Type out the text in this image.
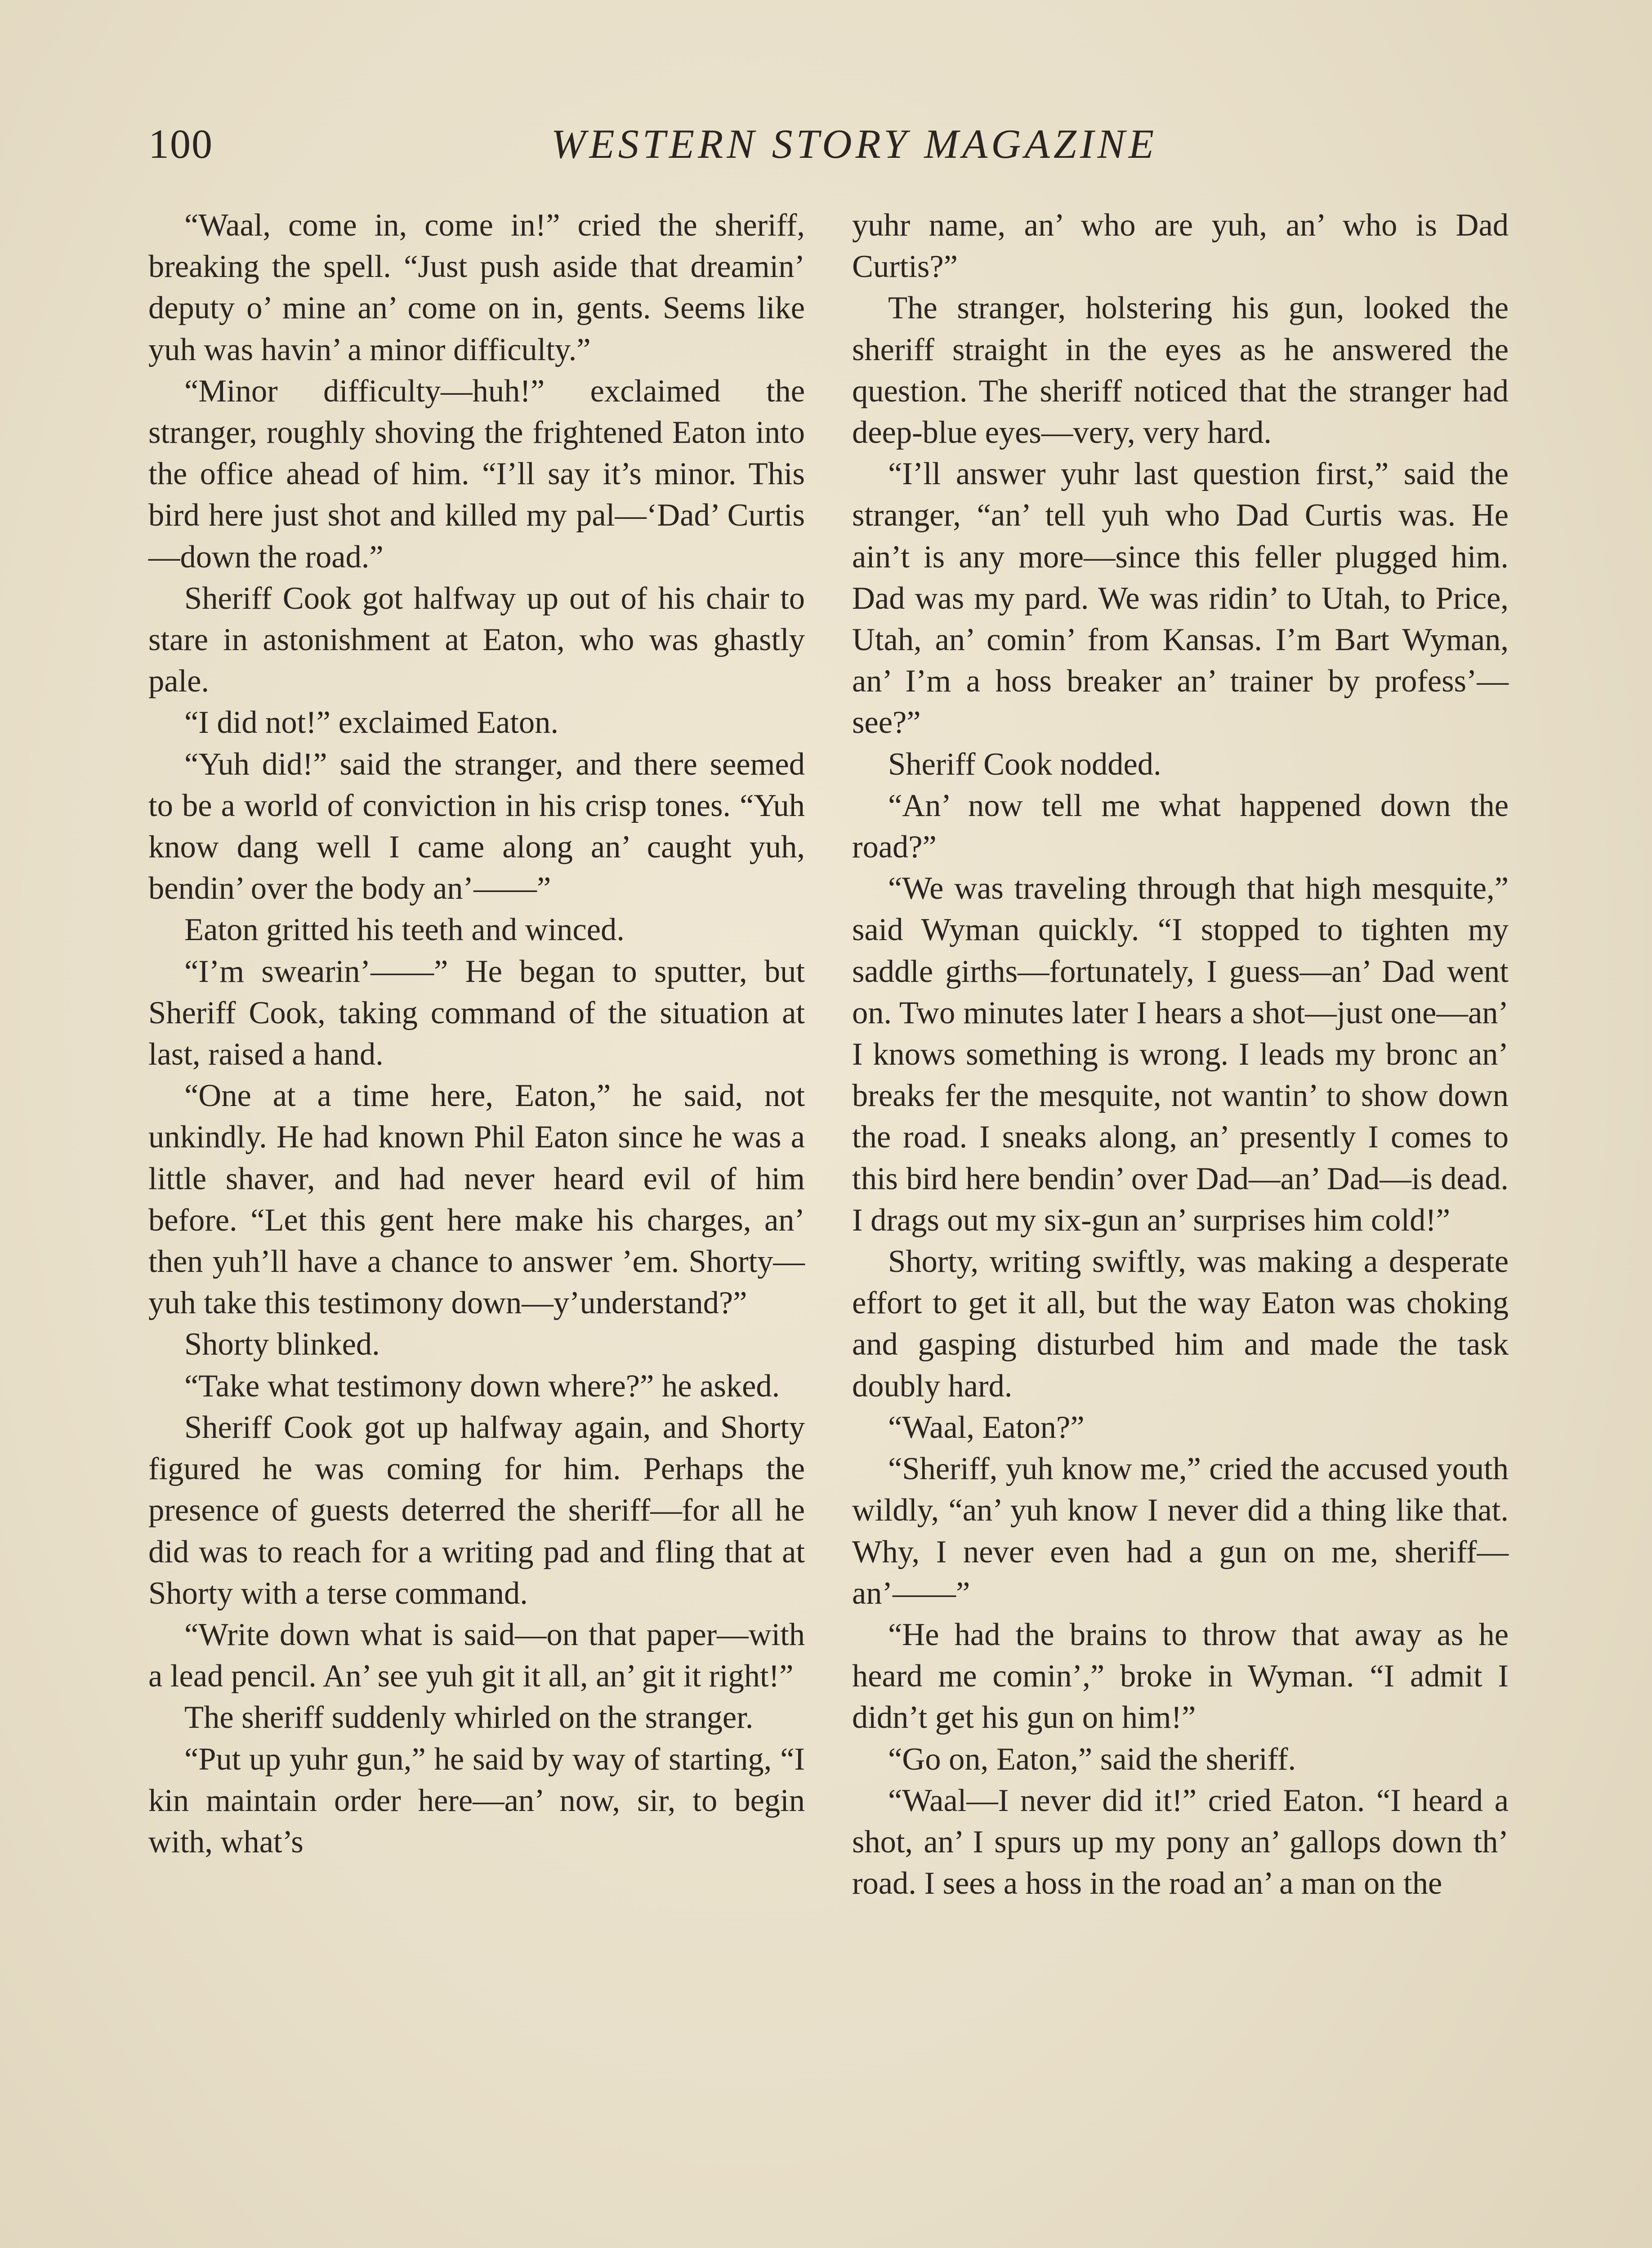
100	WESTERN STORY MAGAZINE

“Waal, come in, come in!” cried the sheriff, breaking the spell. “Just push aside that dreamin’ deputy o’ mine an’ come on in, gents. Seems like yuh was havin’ a minor difficulty.”

“Minor difficulty—huh!” exclaimed the stranger, roughly shoving the frightened Eaton into the office ahead of him. “I’ll say it’s minor. This bird here just shot and killed my pal—‘Dad’ Curtis—down the road.”

Sheriff Cook got halfway up out of his chair to stare in astonishment at Eaton, who was ghastly pale.

“I did not!” exclaimed Eaton.

“Yuh did!” said the stranger, and there seemed to be a world of conviction in his crisp tones. “Yuh know dang well I came along an’ caught yuh, bendin’ over the body an’——”

Eaton gritted his teeth and winced.

“I’m swearin’——” He began to sputter, but Sheriff Cook, taking command of the situation at last, raised a hand.

“One at a time here, Eaton,” he said, not unkindly. He had known Phil Eaton since he was a little shaver, and had never heard evil of him before. “Let this gent here make his charges, an’ then yuh’ll have a chance to answer ’em. Shorty—yuh take this testimony down—y’understand?”

Shorty blinked.

“Take what testimony down where?” he asked.

Sheriff Cook got up halfway again, and Shorty figured he was coming for him. Perhaps the presence of guests deterred the sheriff—for all he did was to reach for a writing pad and fling that at Shorty with a terse command.

“Write down what is said—on that paper—with a lead pencil. An’ see yuh git it all, an’ git it right!”

The sheriff suddenly whirled on the stranger.

“Put up yuhr gun,” he said by way of starting, “I kin maintain order here—an’ now, sir, to begin with, what’s

yuhr name, an’ who are yuh, an’ who is Dad Curtis?”

The stranger, holstering his gun, looked the sheriff straight in the eyes as he answered the question. The sheriff noticed that the stranger had deep-blue eyes—very, very hard.

“I’ll answer yuhr last question first,” said the stranger, “an’ tell yuh who Dad Curtis was. He ain’t is any more—since this feller plugged him. Dad was my pard. We was ridin’ to Utah, to Price, Utah, an’ comin’ from Kansas. I’m Bart Wyman, an’ I’m a hoss breaker an’ trainer by profess’—see?”

Sheriff Cook nodded.

“An’ now tell me what happened down the road?”

“We was traveling through that high mesquite,” said Wyman quickly. “I stopped to tighten my saddle girths—fortunately, I guess—an’ Dad went on. Two minutes later I hears a shot—just one—an’ I knows something is wrong. I leads my bronc an’ breaks fer the mesquite, not wantin’ to show down the road. I sneaks along, an’ presently I comes to this bird here bendin’ over Dad—an’ Dad—is dead. I drags out my six-gun an’ surprises him cold!”

Shorty, writing swiftly, was making a desperate effort to get it all, but the way Eaton was choking and gasping disturbed him and made the task doubly hard.

“Waal, Eaton?”

“Sheriff, yuh know me,” cried the accused youth wildly, “an’ yuh know I never did a thing like that. Why, I never even had a gun on me, sheriff—an’——”

“He had the brains to throw that away as he heard me comin’,” broke in Wyman. “I admit I didn’t get his gun on him!”

“Go on, Eaton,” said the sheriff.

“Waal—I never did it!” cried Eaton. “I heard a shot, an’ I spurs up my pony an’ gallops down th’ road. I sees a hoss in the road an’ a man on the
